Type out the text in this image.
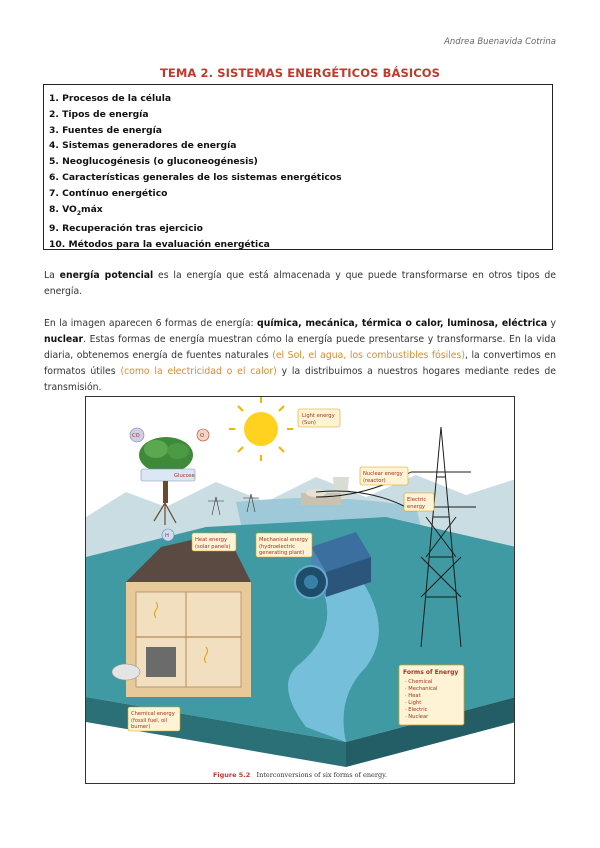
Andrea Buenavida Cotrina
TEMA 2. SISTEMAS ENERGÉTICOS BÁSICOS
1. Procesos de la célula
2. Tipos de energía
3. Fuentes de energía
4. Sistemas generadores de energía
5. Neoglucogénesis (o gluconeogénesis)
6. Características generales de los sistemas energéticos
7. Contínuo energético
8. $VO_2máx$
9. Recuperación tras ejercicio
10. Métodos para la evaluación energética

La energía potencial es la energía que está almacenada y que puede transformarse en otros tipos de energía.

En la imagen aparecen 6 formas de energía: química, mecánica, térmica o calor, luminosa, eléctrica y nuclear. Estas formas de energía muestran cómo la energía puede presentarse y transformarse. En la vida diaria, obtenemos energía de fuentes naturales (el Sol, el agua, los combustibles fósiles), la convertimos en formatos útiles (como la electricidad o el calor) y la distribuimos a nuestros hogares mediante redes de transmisión.

Light energy
(Sun)
Nuclear energy
(reactor)
Electric
energy
Heat energy
(solar panels)
Mechanical energy
(hydroelectric
generating plant)
Chemical energy
(fossil fuel, oil
burner)
CO	O
H
Glucose
Forms of Energy
· Chemical
· Mechanical
· Heat
· Light
· Electric
· Nuclear
Figure 5.2 Interconversions of six forms of energy.
